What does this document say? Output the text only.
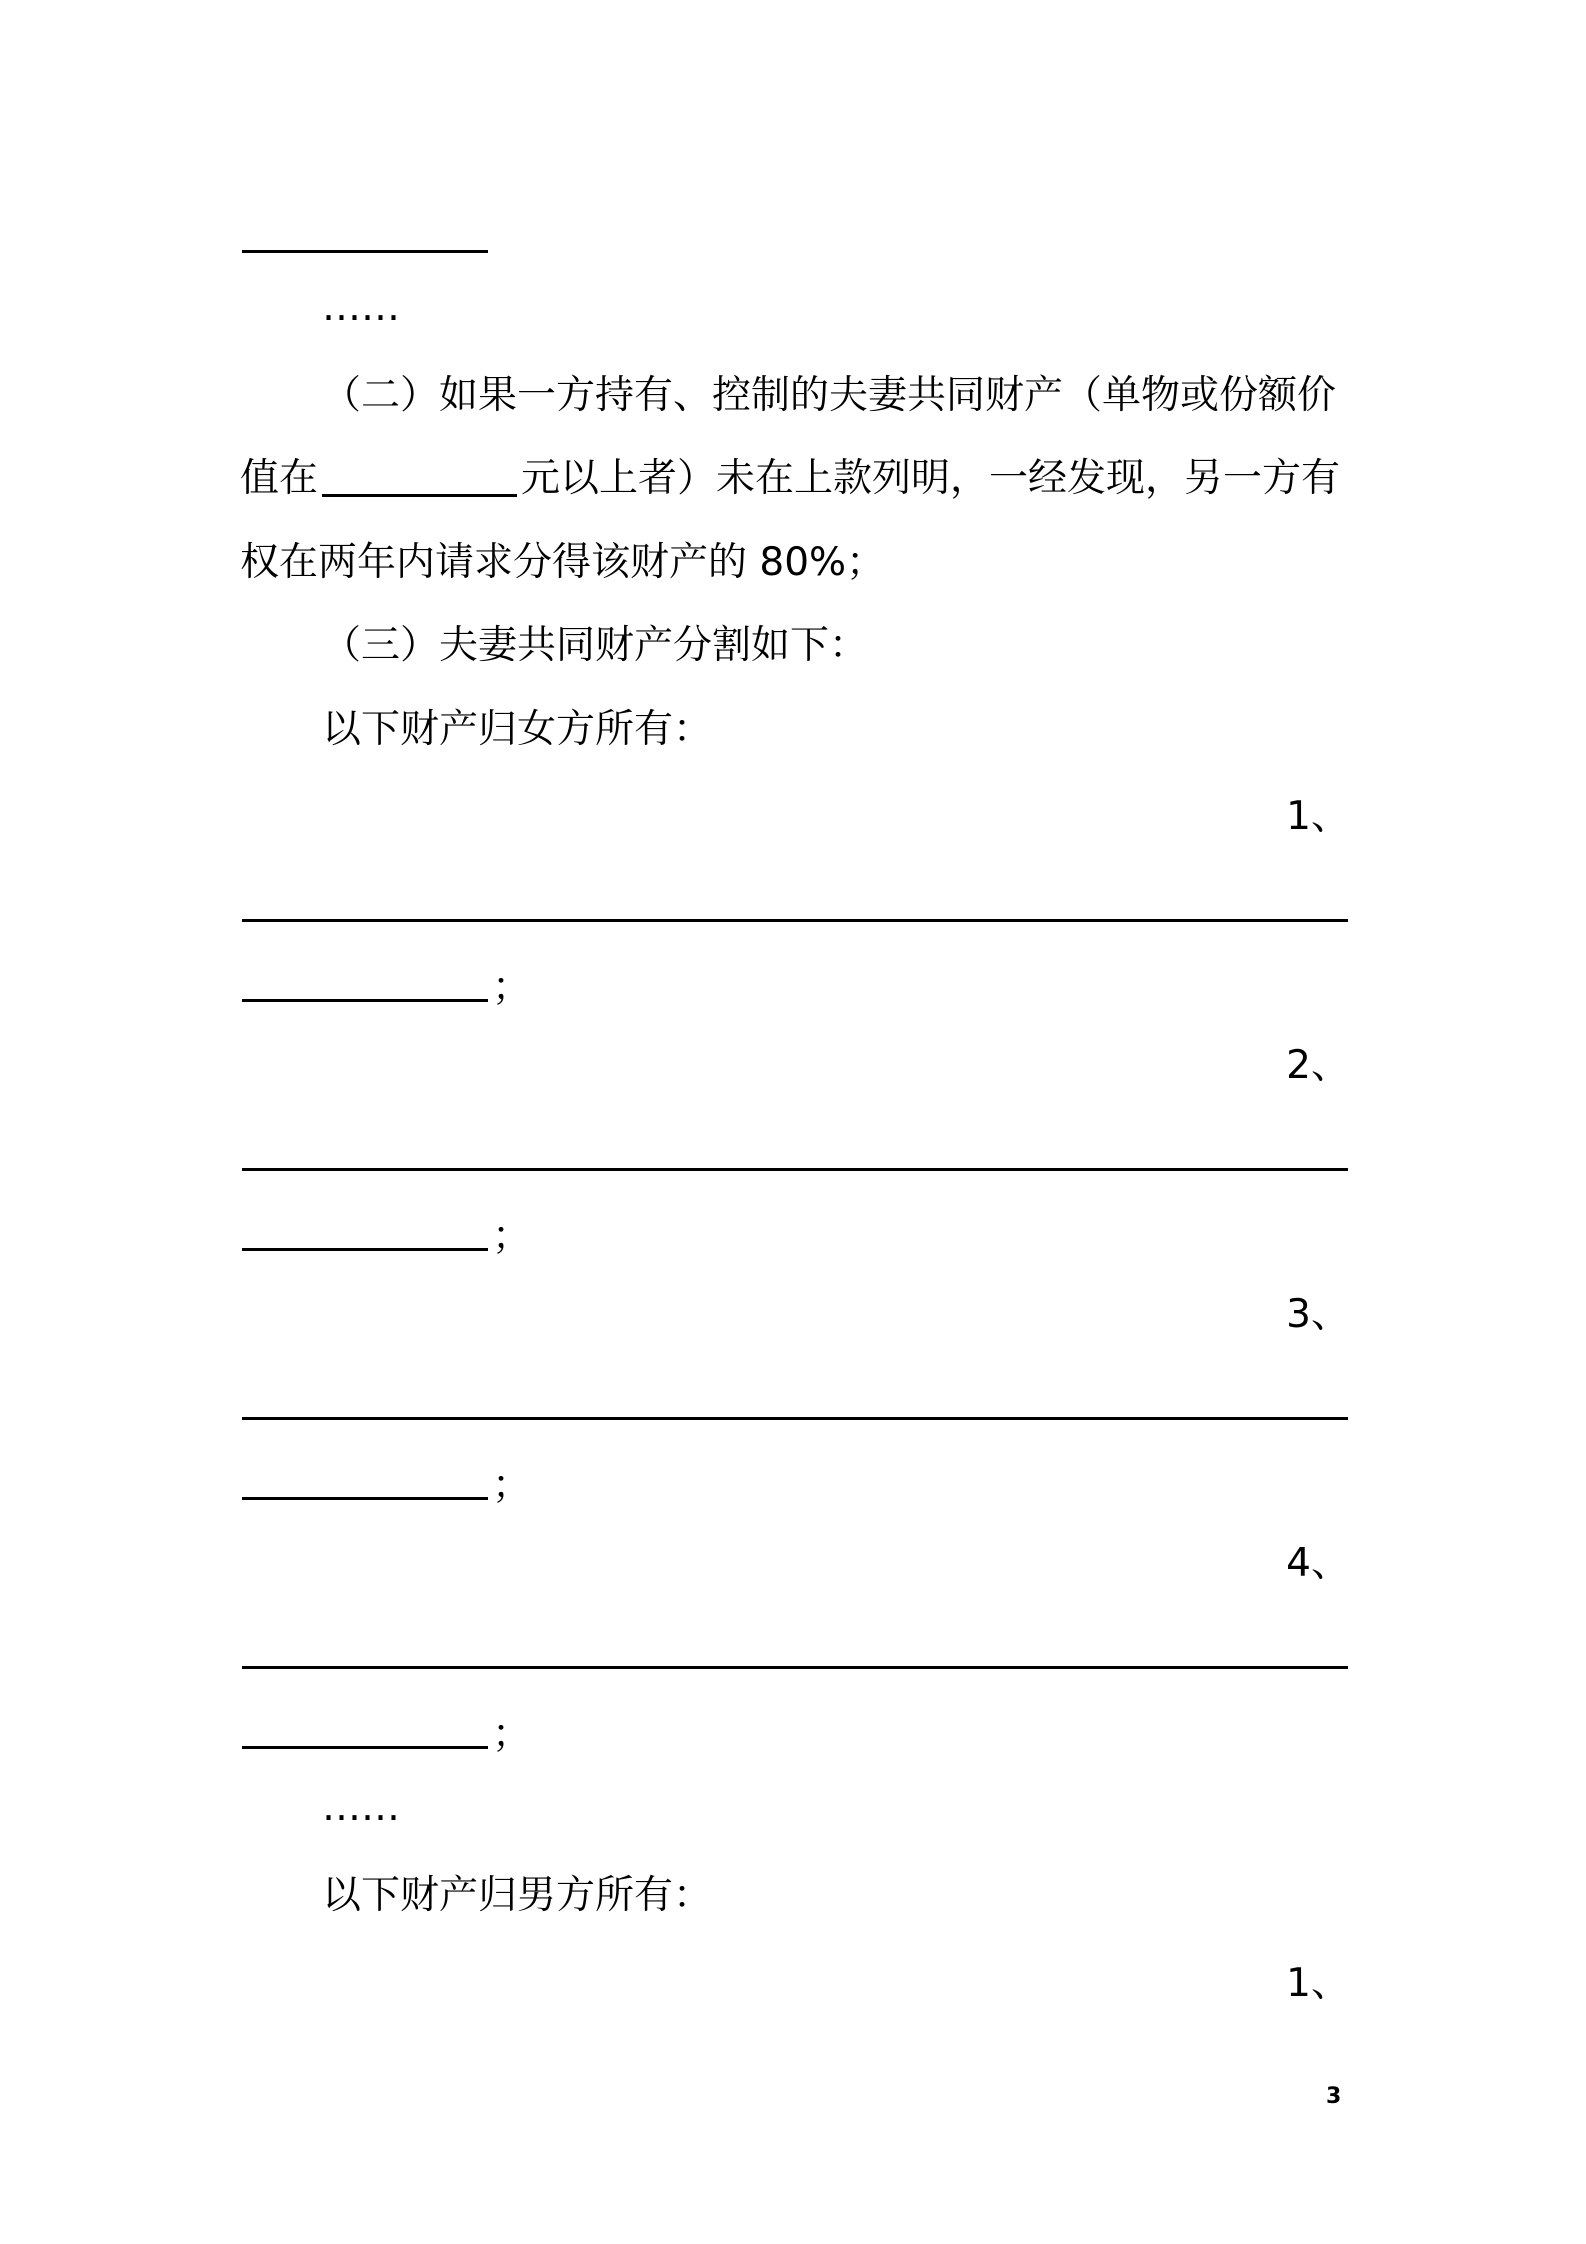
……
（二）如果一方持有、控制的夫妻共同财产（单物或份额价
值在	元以上者）未在上款列明，一经发现，另一方有
权在两年内请求分得该财产的 80%；
（三）夫妻共同财产分割如下：
以下财产归女方所有：
1、
；
2、
；
3、
；
4、
；
……
以下财产归男方所有：
1、
3
